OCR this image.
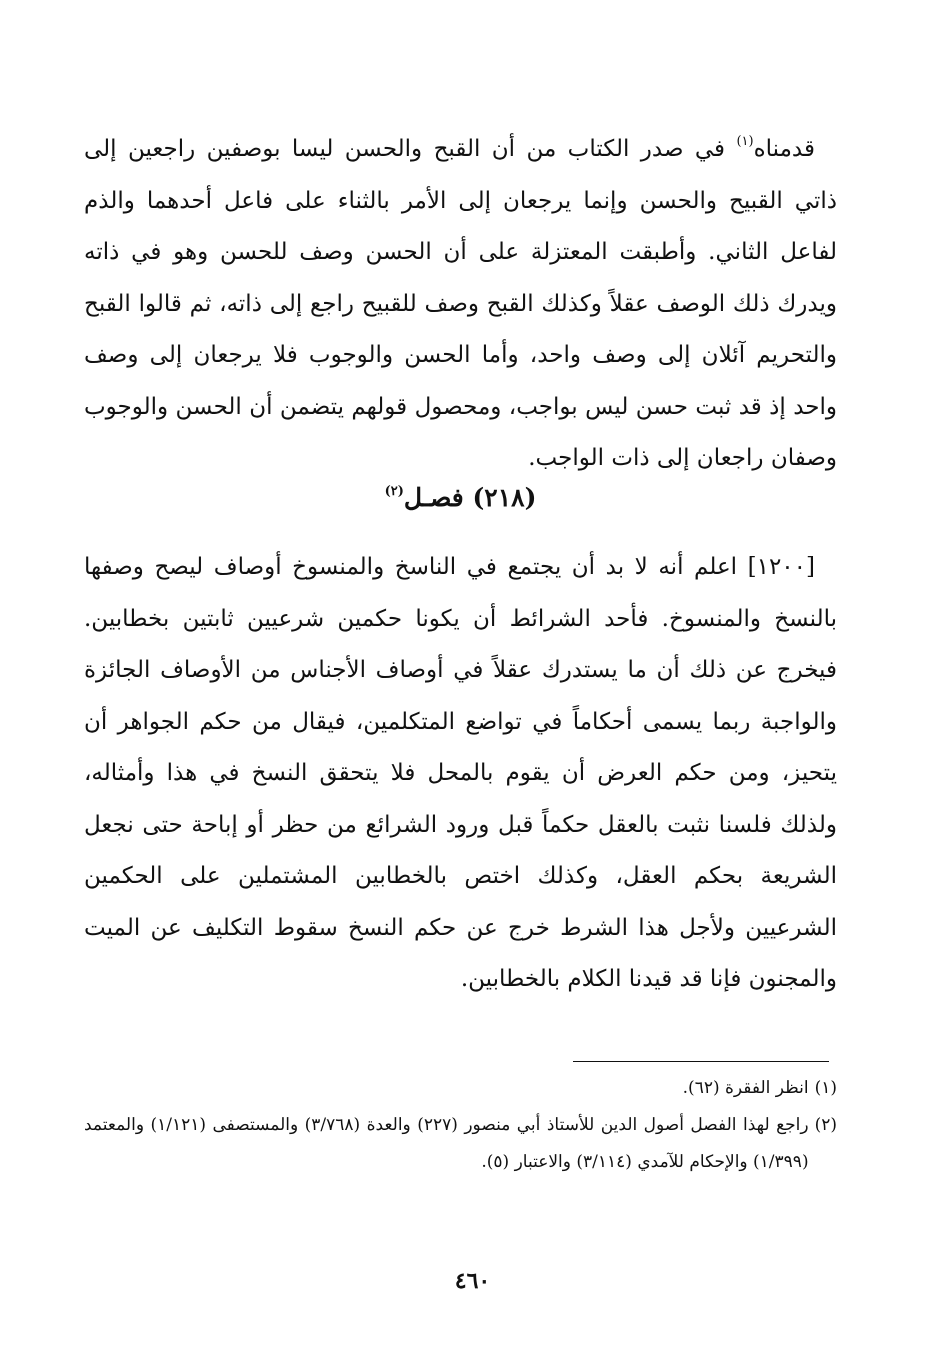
قدمناه$^{(١)}$ في صدر الكتاب من أن القبح والحسن ليسا بوصفين راجعين إلى ذاتي القبيح والحسن وإنما يرجعان إلى الأمر بالثناء على فاعل أحدهما والذم لفاعل الثاني. وأطبقت المعتزلة على أن الحسن وصف للحسن وهو في ذاته ويدرك ذلك الوصف عقلاً وكذلك القبح وصف للقبيح راجع إلى ذاته، ثم قالوا القبح والتحريم آئلان إلى وصف واحد، وأما الحسن والوجوب فلا يرجعان إلى وصف واحد إذ قد ثبت حسن ليس بواجب، ومحصول قولهم يتضمن أن الحسن والوجوب وصفان راجعان إلى ذات الواجب.

(٢١٨) فصـل$^{(٢)}$

[١٢٠٠] اعلم أنه لا بد أن يجتمع في الناسخ والمنسوخ أوصاف ليصح وصفها بالنسخ والمنسوخ. فأحد الشرائط أن يكونا حكمين شرعيين ثابتين بخطابين. فيخرج عن ذلك أن ما يستدرك عقلاً في أوصاف الأجناس من الأوصاف الجائزة والواجبة ربما يسمى أحكاماً في تواضع المتكلمين، فيقال من حكم الجواهر أن يتحيز، ومن حكم العرض أن يقوم بالمحل فلا يتحقق النسخ في هذا وأمثاله، ولذلك فلسنا نثبت بالعقل حكماً قبل ورود الشرائع من حظر أو إباحة حتى نجعل الشريعة بحكم العقل، وكذلك اختص بالخطابين المشتملين على الحكمين الشرعيين ولأجل هذا الشرط خرج عن حكم النسخ سقوط التكليف عن الميت والمجنون فإنا قد قيدنا الكلام بالخطابين.

(١)
انظر الفقرة (٦٢).
(٢)
راجع لهذا الفصل أصول الدين للأستاذ أبي منصور (٢٢٧) والعدة (٣/٧٦٨) والمستصفى (١/١٢١) والمعتمد (١/٣٩٩) والإحكام للآمدي (٣/١١٤) والاعتبار (٥).
٤٦٠
